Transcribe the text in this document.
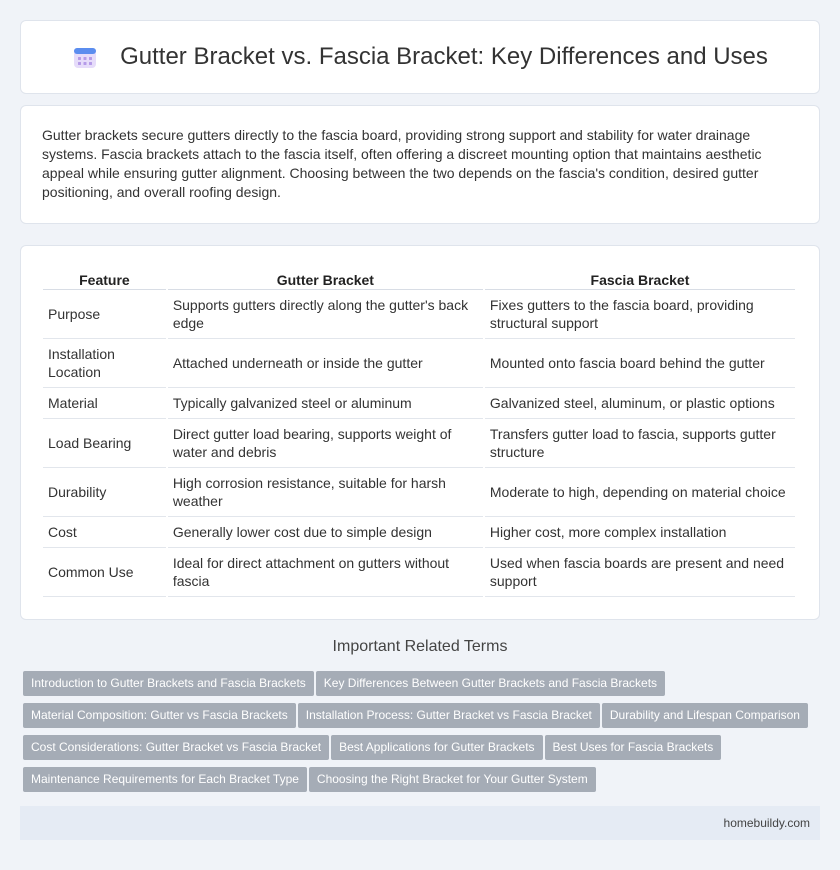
Gutter Bracket vs. Fascia Bracket: Key Differences and Uses

Gutter brackets secure gutters directly to the fascia board, providing strong support and stability for water drainage systems. Fascia brackets attach to the fascia itself, often offering a discreet mounting option that maintains aesthetic appeal while ensuring gutter alignment. Choosing between the two depends on the fascia's condition, desired gutter positioning, and overall roofing design.

Feature	Gutter Bracket	Fascia Bracket
Purpose	Supports gutters directly along the gutter's back edge	Fixes gutters to the fascia board, providing structural support
Installation Location	Attached underneath or inside the gutter	Mounted onto fascia board behind the gutter
Material	Typically galvanized steel or aluminum	Galvanized steel, aluminum, or plastic options
Load Bearing	Direct gutter load bearing, supports weight of water and debris	Transfers gutter load to fascia, supports gutter structure
Durability	High corrosion resistance, suitable for harsh weather	Moderate to high, depending on material choice
Cost	Generally lower cost due to simple design	Higher cost, more complex installation
Common Use	Ideal for direct attachment on gutters without fascia	Used when fascia boards are present and need support
Important Related Terms
Introduction to Gutter Brackets and Fascia Brackets Key Differences Between Gutter Brackets and Fascia Brackets
Material Composition: Gutter vs Fascia Brackets Installation Process: Gutter Bracket vs Fascia Bracket Durability and Lifespan Comparison
Cost Considerations: Gutter Bracket vs Fascia Bracket Best Applications for Gutter Brackets Best Uses for Fascia Brackets
Maintenance Requirements for Each Bracket Type Choosing the Right Bracket for Your Gutter System
homebuildy.com
